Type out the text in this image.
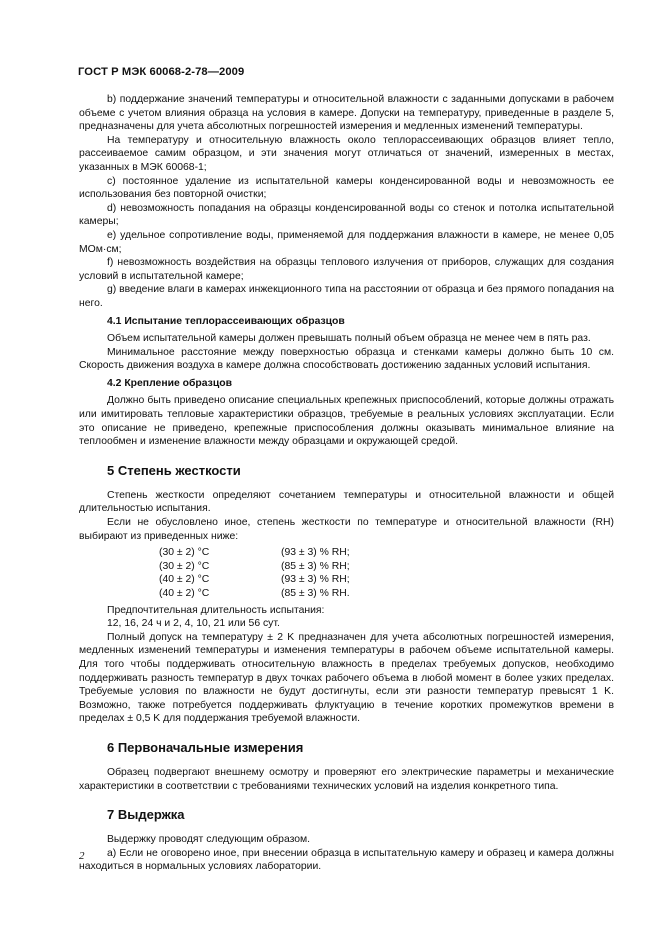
ГОСТ Р МЭК 60068-2-78—2009

b) поддержание значений температуры и относительной влажности с заданными допусками в рабочем объеме с учетом влияния образца на условия в камере. Допуски на температуру, приведенные в разделе 5, предназначены для учета абсолютных погрешностей измерения и медленных изменений температуры.

На температуру и относительную влажность около теплорассеивающих образцов влияет тепло, рассеиваемое самим образцом, и эти значения могут отличаться от значений, измеренных в местах, указанных в МЭК 60068-1;

c) постоянное удаление из испытательной камеры конденсированной воды и невозможность ее использования без повторной очистки;

d) невозможность попадания на образцы конденсированной воды со стенок и потолка испытательной камеры;

e) удельное сопротивление воды, применяемой для поддержания влажности в камере, не менее 0,05 МОм·см;

f) невозможность воздействия на образцы теплового излучения от приборов, служащих для создания условий в испытательной камере;

g) введение влаги в камерах инжекционного типа на расстоянии от образца и без прямого попадания на него.

4.1 Испытание теплорассеивающих образцов

Объем испытательной камеры должен превышать полный объем образца не менее чем в пять раз.

Минимальное расстояние между поверхностью образца и стенками камеры должно быть 10 см. Скорость движения воздуха в камере должна способствовать достижению заданных условий испытания.

4.2 Крепление образцов

Должно быть приведено описание специальных крепежных приспособлений, которые должны отражать или имитировать тепловые характеристики образцов, требуемые в реальных условиях эксплуатации. Если это описание не приведено, крепежные приспособления должны оказывать минимальное влияние на теплообмен и изменение влажности между образцами и окружающей средой.

5 Степень жесткости

Степень жесткости определяют сочетанием температуры и относительной влажности и общей длительностью испытания.

Если не обусловлено иное, степень жесткости по температуре и относительной влажности (RH) выбирают из приведенных ниже:

(30 ± 2) °C	(93 ± 3) % RH;
(30 ± 2) °C	(85 ± 3) % RH;
(40 ± 2) °C	(93 ± 3) % RH;
(40 ± 2) °C	(85 ± 3) % RH.

Предпочтительная длительность испытания:

12, 16, 24 ч и 2, 4, 10, 21 или 56 сут.

Полный допуск на температуру ± 2 K предназначен для учета абсолютных погрешностей измерения, медленных изменений температуры и изменения температуры в рабочем объеме испытательной камеры. Для того чтобы поддерживать относительную влажность в пределах требуемых допусков, необходимо поддерживать разность температур в двух точках рабочего объема в любой момент в более узких пределах. Требуемые условия по влажности не будут достигнуты, если эти разности температур превысят 1 K. Возможно, также потребуется поддерживать флуктуацию в течение коротких промежутков времени в пределах ± 0,5 K для поддержания требуемой влажности.

6 Первоначальные измерения

Образец подвергают внешнему осмотру и проверяют его электрические параметры и механические характеристики в соответствии с требованиями технических условий на изделия конкретного типа.

7 Выдержка

Выдержку проводят следующим образом.

a) Если не оговорено иное, при внесении образца в испытательную камеру и образец и камера должны находиться в нормальных условиях лаборатории.

2
